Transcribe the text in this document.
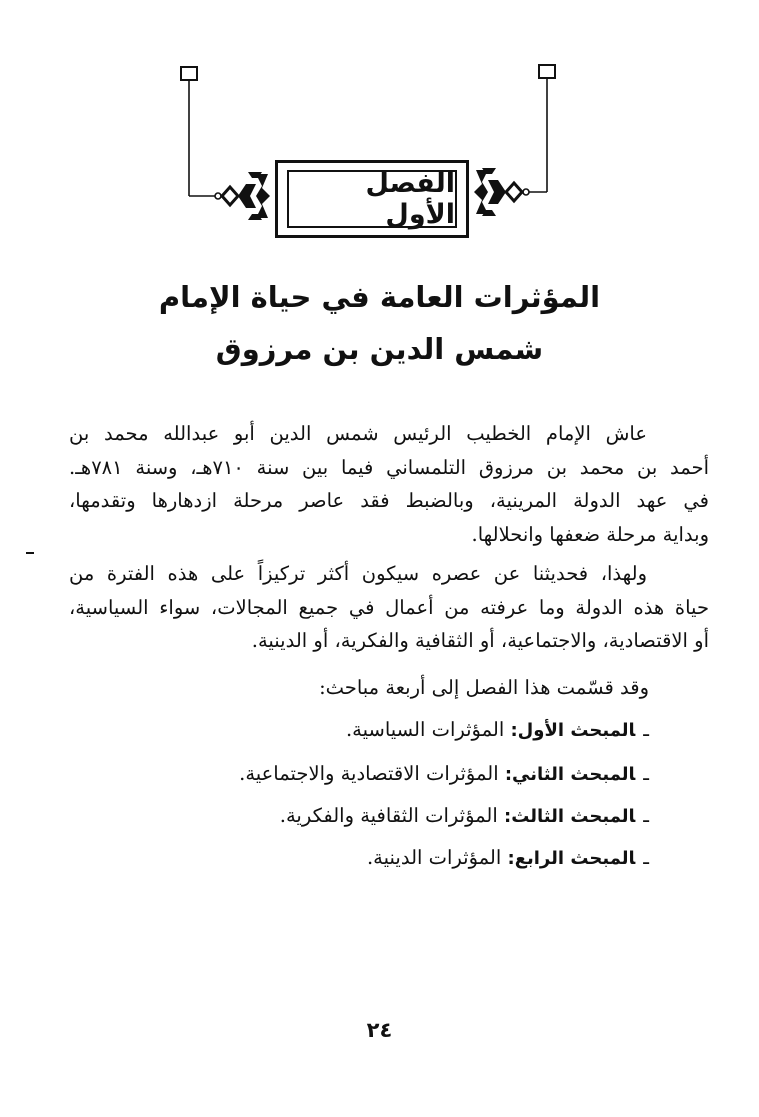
الفصل الأول
المؤثرات العامة في حياة الإمام
شمس الدين بن مرزوق
عاش الإمام الخطيب الرئيس شمس الدين أبو عبدالله محمد بن
أحمد بن محمد بن مرزوق التلمساني فيما بين سنة ٧١٠هـ، وسنة ٧٨١هـ.
في عهد الدولة المرينية، وبالضبط فقد عاصر مرحلة ازدهارها وتقدمها،
وبداية مرحلة ضعفها وانحلالها.
ولهذا، فحديثنا عن عصره سيكون أكثر تركيزاً على هذه الفترة من
حياة هذه الدولة وما عرفته من أعمال في جميع المجالات، سواء السياسية،
أو الاقتصادية، والاجتماعية، أو الثقافية والفكرية، أو الدينية.
وقد قسّمت هذا الفصل إلى أربعة مباحث:
ـالمبحث الأول: المؤثرات السياسية.
ـالمبحث الثاني: المؤثرات الاقتصادية والاجتماعية.
ـالمبحث الثالث: المؤثرات الثقافية والفكرية.
ـالمبحث الرابع: المؤثرات الدينية.
٢٤
